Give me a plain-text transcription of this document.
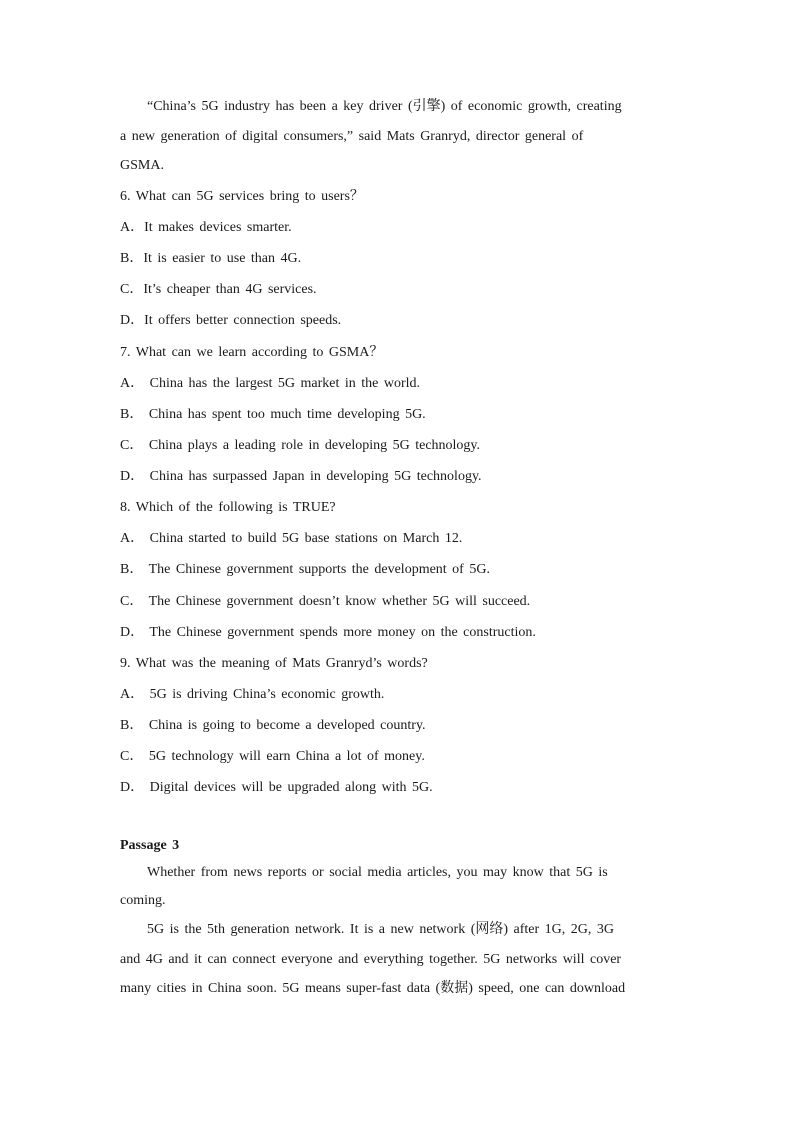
“China’s 5G industry has been a key driver (引擎) of economic growth, creating
a new generation of digital consumers,” said Mats Granryd, director general of
GSMA.
6. What can 5G services bring to users？
A．It makes devices smarter.
B．It is easier to use than 4G.
C．It’s cheaper than 4G services.
D．It offers better connection speeds.
7. What can we learn according to GSMA？
A． China has the largest 5G market in the world.
B． China has spent too much time developing 5G.
C． China plays a leading role in developing 5G technology.
D． China has surpassed Japan in developing 5G technology.
8. Which of the following is TRUE?
A． China started to build 5G base stations on March 12.
B． The Chinese government supports the development of 5G.
C． The Chinese government doesn’t know whether 5G will succeed.
D． The Chinese government spends more money on the construction.
9. What was the meaning of Mats Granryd’s words?
A． 5G is driving China’s economic growth.
B． China is going to become a developed country.
C． 5G technology will earn China a lot of money.
D． Digital devices will be upgraded along with 5G.
Passage 3
Whether from news reports or social media articles, you may know that 5G is
coming.
5G is the 5th generation network. It is a new network (网络) after 1G, 2G, 3G
and 4G and it can connect everyone and everything together. 5G networks will cover
many cities in China soon. 5G means super-fast data (数据) speed, one can download
